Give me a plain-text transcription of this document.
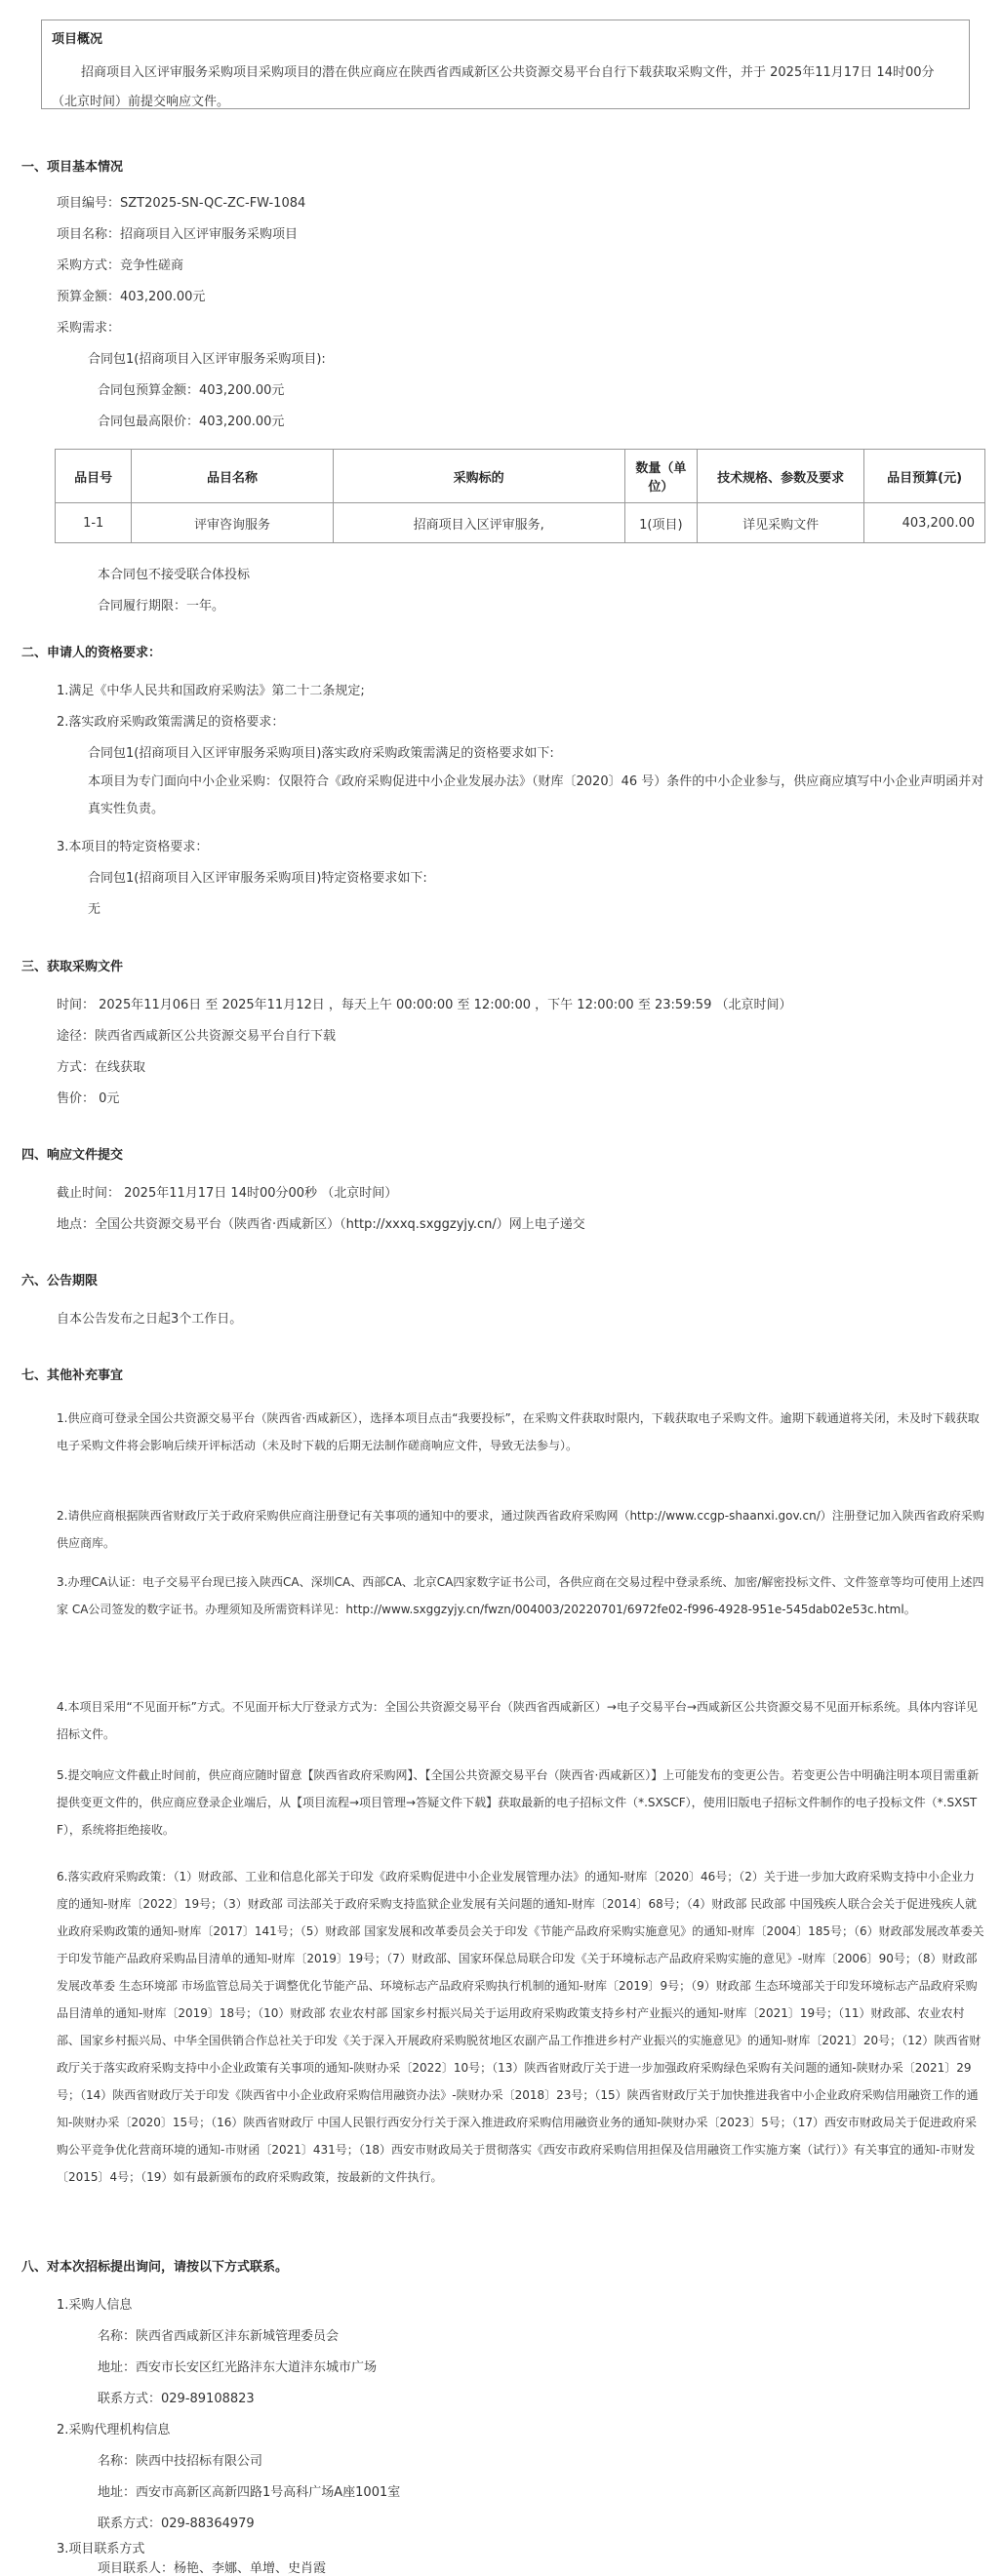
项目概况
招商项目入区评审服务采购项目采购项目的潜在供应商应在陕西省西咸新区公共资源交易平台自行下载获取采购文件，并于 2025年11月17日 14时00分 （北京时间）前提交响应文件。
一、项目基本情况
项目编号：SZT2025-SN-QC-ZC-FW-1084
项目名称：招商项目入区评审服务采购项目
采购方式：竞争性磋商
预算金额：403,200.00元
采购需求：
合同包1(招商项目入区评审服务采购项目):
合同包预算金额：403,200.00元
合同包最高限价：403,200.00元
品目号	品目名称	采购标的	数量（单位）	技术规格、参数及要求	品目预算(元)
1-1	评审咨询服务	招商项目入区评审服务,	1(项目)	详见采购文件	403,200.00
本合同包不接受联合体投标
合同履行期限：一年。
二、申请人的资格要求：
1.满足《中华人民共和国政府采购法》第二十二条规定;
2.落实政府采购政策需满足的资格要求：
合同包1(招商项目入区评审服务采购项目)落实政府采购政策需满足的资格要求如下:
本项目为专门面向中小企业采购：仅限符合《政府采购促进中小企业发展办法》（财库〔2020〕46 号）条件的中小企业参与，供应商应填写中小企业声明函并对真实性负责。
3.本项目的特定资格要求：
合同包1(招商项目入区评审服务采购项目)特定资格要求如下:
无
三、获取采购文件
时间： 2025年11月06日 至 2025年11月12日 ，每天上午 00:00:00 至 12:00:00 ，下午 12:00:00 至 23:59:59 （北京时间）
途径：陕西省西咸新区公共资源交易平台自行下载
方式：在线获取
售价： 0元
四、响应文件提交
截止时间： 2025年11月17日 14时00分00秒 （北京时间）
地点：全国公共资源交易平台（陕西省·西咸新区）（http://xxxq.sxggzyjy.cn/）网上电子递交
六、公告期限
自本公告发布之日起3个工作日。
七、其他补充事宜
1.供应商可登录全国公共资源交易平台（陕西省·西咸新区），选择本项目点击“我要投标”，在采购文件获取时限内，下载获取电子采购文件。逾期下载通道将关闭，未及时下载获取电子采购文件将会影响后续开评标活动（未及时下载的后期无法制作磋商响应文件，导致无法参与）。
2.请供应商根据陕西省财政厅关于政府采购供应商注册登记有关事项的通知中的要求，通过陕西省政府采购网（http://www.ccgp-shaanxi.gov.cn/）注册登记加入陕西省政府采购供应商库。
3.办理CA认证：电子交易平台现已接入陕西CA、深圳CA、西部CA、北京CA四家数字证书公司，各供应商在交易过程中登录系统、加密/解密投标文件、文件签章等均可使用上述四家 CA公司签发的数字证书。办理须知及所需资料详见：http://www.sxggzyjy.cn/fwzn/004003/20220701/6972fe02-f996-4928-951e-545dab02e53c.html。
4.本项目采用“不见面开标”方式。不见面开标大厅登录方式为：全国公共资源交易平台（陕西省西咸新区）→电子交易平台→西咸新区公共资源交易不见面开标系统。具体内容详见招标文件。
5.提交响应文件截止时间前，供应商应随时留意【陕西省政府采购网】、【全国公共资源交易平台（陕西省·西咸新区）】上可能发布的变更公告。若变更公告中明确注明本项目需重新提供变更文件的，供应商应登录企业端后，从【项目流程→项目管理→答疑文件下载】获取最新的电子招标文件（*.SXSCF），使用旧版电子招标文件制作的电子投标文件（*.SXSTF），系统将拒绝接收。
6.落实政府采购政策：（1）财政部、工业和信息化部关于印发《政府采购促进中小企业发展管理办法》的通知-财库〔2020〕46号；（2）关于进一步加大政府采购支持中小企业力度的通知-财库〔2022〕19号；（3）财政部 司法部关于政府采购支持监狱企业发展有关问题的通知-财库〔2014〕68号；（4）财政部 民政部 中国残疾人联合会关于促进残疾人就业政府采购政策的通知-财库〔2017〕141号；（5）财政部 国家发展和改革委员会关于印发《节能产品政府采购实施意见》的通知-财库〔2004〕185号；（6）财政部发展改革委关于印发节能产品政府采购品目清单的通知-财库〔2019〕19号；（7）财政部、国家环保总局联合印发《关于环境标志产品政府采购实施的意见》-财库〔2006〕90号；（8）财政部 发展改革委 生态环境部 市场监管总局关于调整优化节能产品、环境标志产品政府采购执行机制的通知-财库〔2019〕9号；（9）财政部 生态环境部关于印发环境标志产品政府采购品目清单的通知-财库〔2019〕18号；（10）财政部 农业农村部 国家乡村振兴局关于运用政府采购政策支持乡村产业振兴的通知-财库〔2021〕19号；（11）财政部、农业农村部、国家乡村振兴局、中华全国供销合作总社关于印发《关于深入开展政府采购脱贫地区农副产品工作推进乡村产业振兴的实施意见》的通知-财库〔2021〕20号；（12）陕西省财政厅关于落实政府采购支持中小企业政策有关事项的通知-陕财办采〔2022〕10号；（13）陕西省财政厅关于进一步加强政府采购绿色采购有关问题的通知-陕财办采〔2021〕29号；（14）陕西省财政厅关于印发《陕西省中小企业政府采购信用融资办法》-陕财办采〔2018〕23号；（15）陕西省财政厅关于加快推进我省中小企业政府采购信用融资工作的通知-陕财办采〔2020〕15号；（16）陕西省财政厅 中国人民银行西安分行关于深入推进政府采购信用融资业务的通知-陕财办采〔2023〕5号；（17）西安市财政局关于促进政府采购公平竞争优化营商环境的通知-市财函〔2021〕431号；（18）西安市财政局关于贯彻落实《西安市政府采购信用担保及信用融资工作实施方案（试行）》有关事宜的通知-市财发〔2015〕4号；（19）如有最新颁布的政府采购政策，按最新的文件执行。
八、对本次招标提出询问，请按以下方式联系。
1.采购人信息
名称：陕西省西咸新区沣东新城管理委员会
地址：西安市长安区红光路沣东大道沣东城市广场
联系方式：029-89108823
2.采购代理机构信息
名称：陕西中技招标有限公司
地址：西安市高新区高新四路1号高科广场A座1001室
联系方式：029-88364979
3.项目联系方式
项目联系人：杨艳、李娜、单增、史肖霞
